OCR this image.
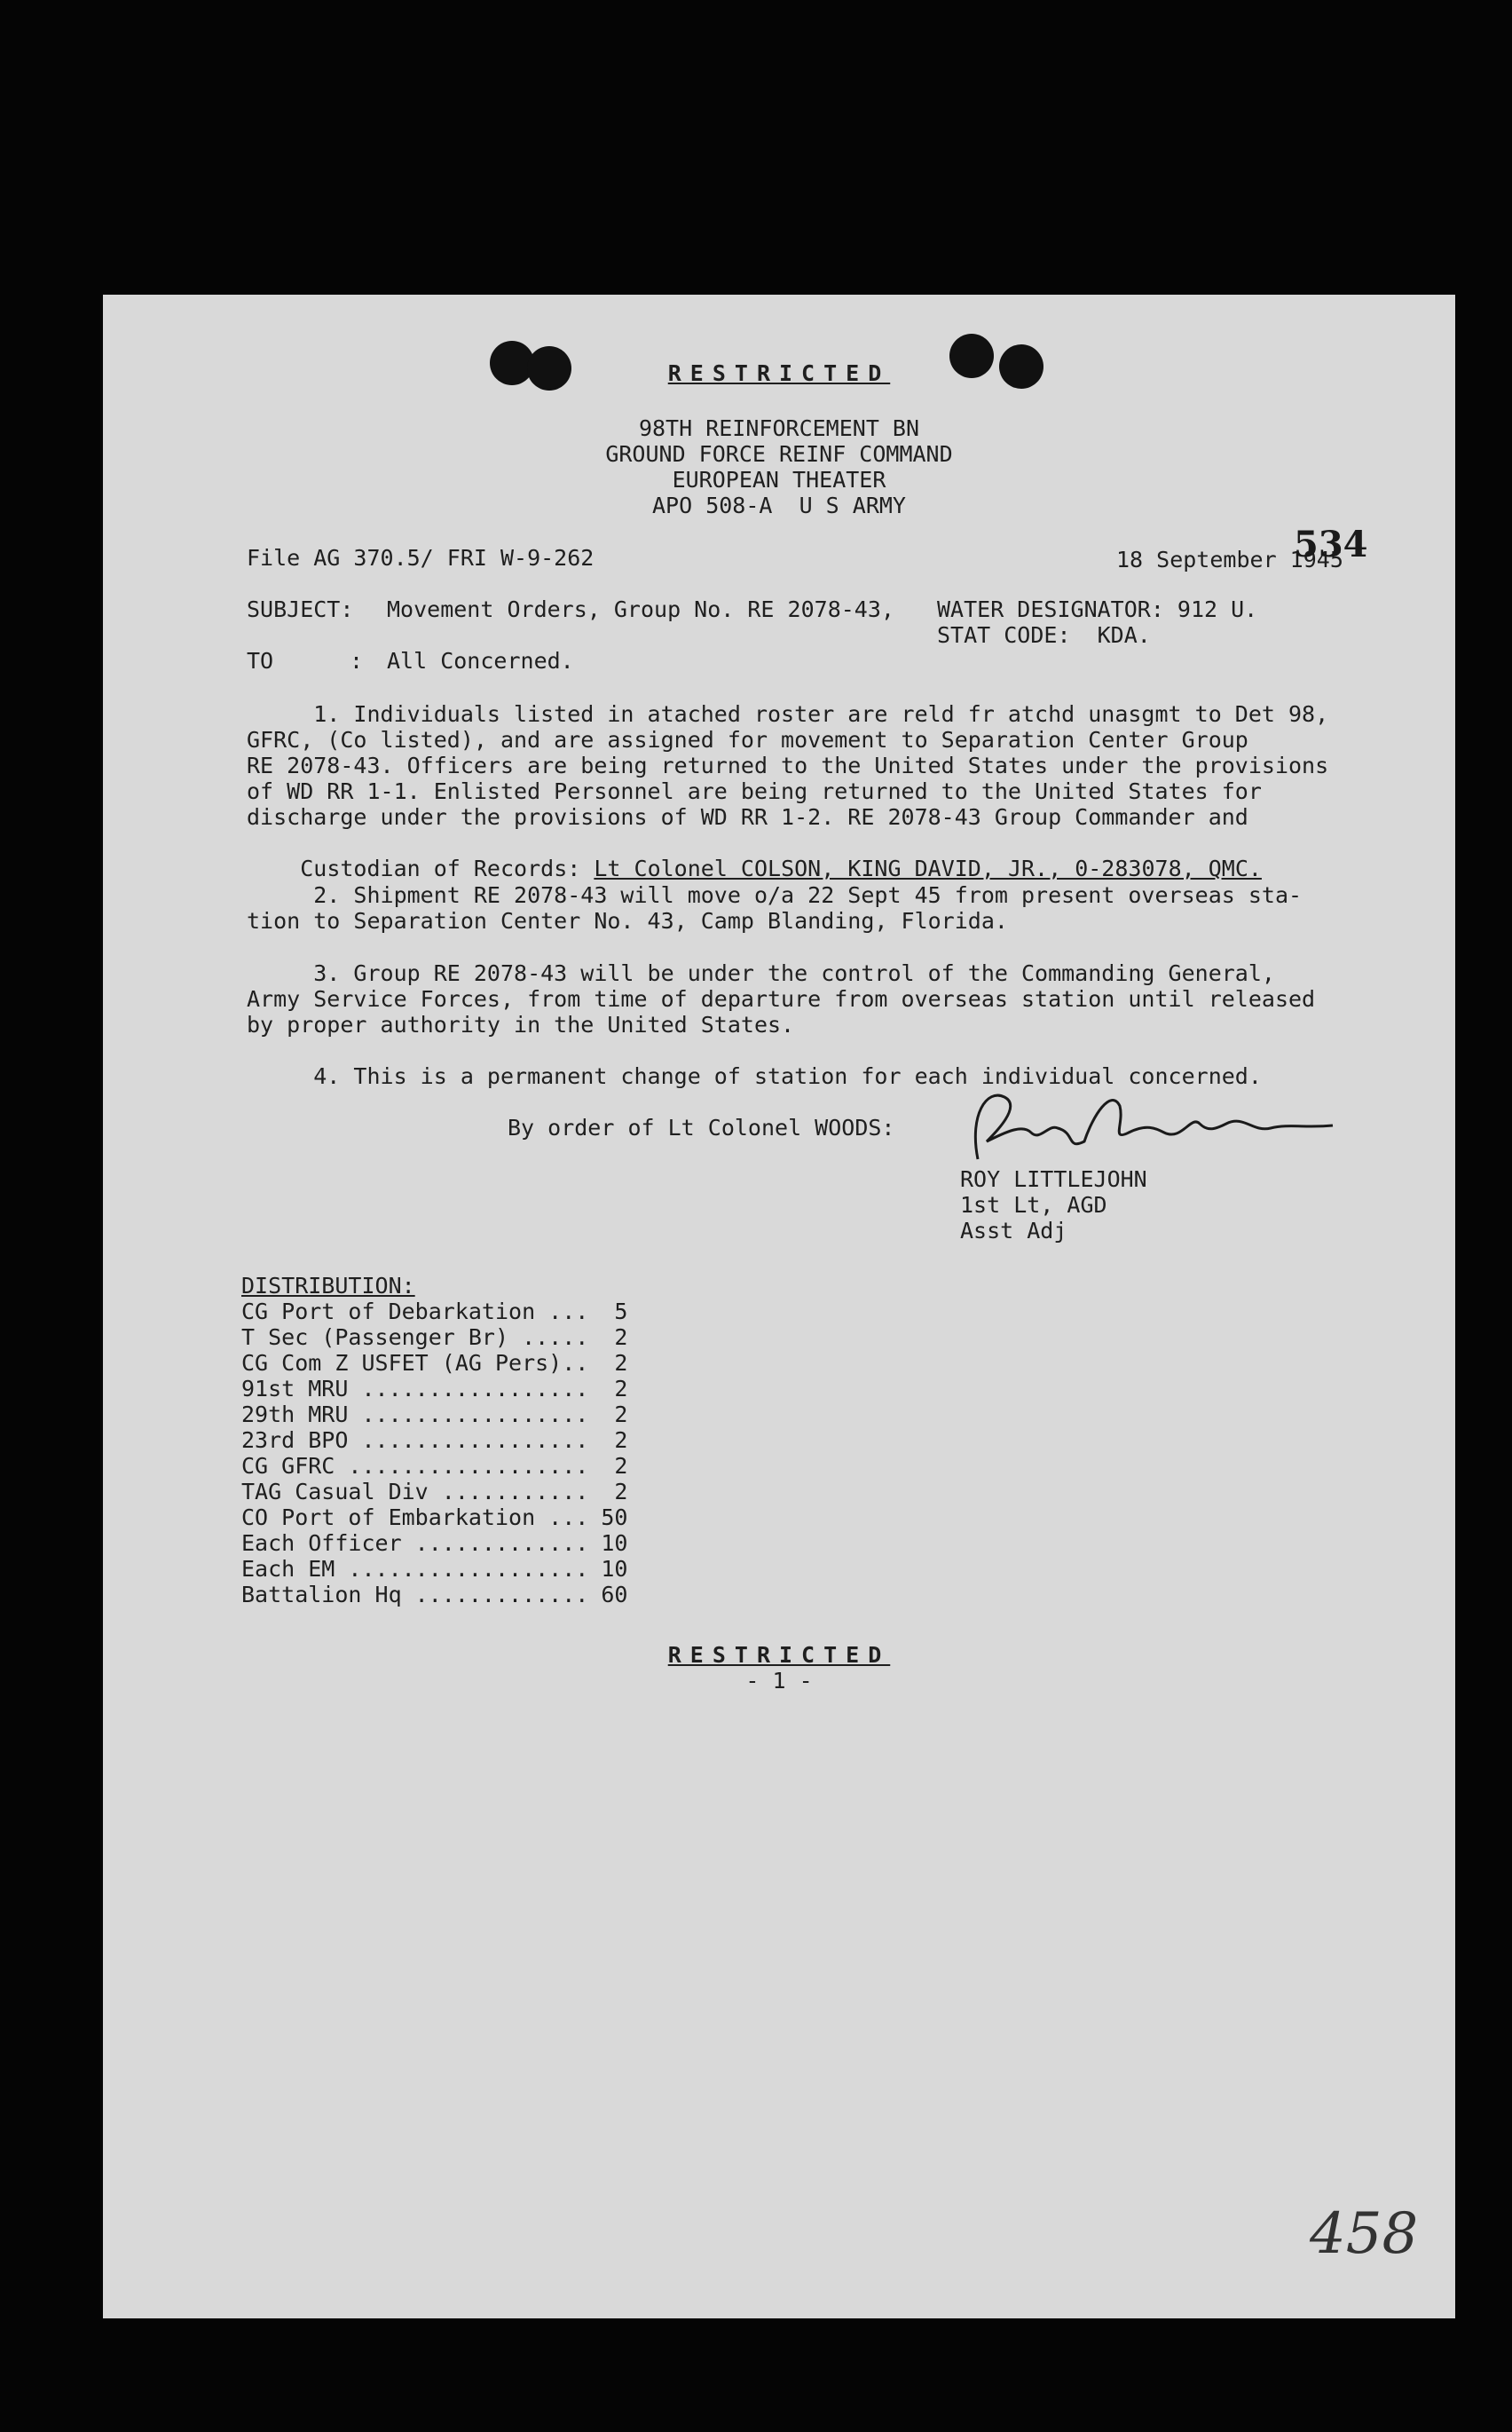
RESTRICTED
98TH REINFORCEMENT BN
GROUND FORCE REINF COMMAND
EUROPEAN THEATER
APO 508-A  U S ARMY
File AG 370.5/ FRI W-9-262	18 September 1945
534
SUBJECT: Movement Orders, Group No. RE 2078-43, WATER DESIGNATOR: 912 U.
STAT CODE:  KDA.
TO	: All Concerned.
1. Individuals listed in atached roster are reld fr atchd unasgmt to Det 98,
GFRC, (Co listed), and are assigned for movement to Separation Center Group
RE 2078-43. Officers are being returned to the United States under the provisions
of WD RR 1-1. Enlisted Personnel are being returned to the United States for
discharge under the provisions of WD RR 1-2. RE 2078-43 Group Commander and

Custodian of Records: Lt Colonel COLSON, KING DAVID, JR., 0-283078, QMC.

2. Shipment RE 2078-43 will move o/a 22 Sept 45 from present overseas sta-
tion to Separation Center No. 43, Camp Blanding, Florida.
3. Group RE 2078-43 will be under the control of the Commanding General,
Army Service Forces, from time of departure from overseas station until released
by proper authority in the United States.
4. This is a permanent change of station for each individual concerned.
By order of Lt Colonel WOODS:
ROY LITTLEJOHN
1st Lt, AGD
Asst Adj
DISTRIBUTION:
CG Port of Debarkation ...	5
T Sec (Passenger Br) .....	2
CG Com Z USFET (AG Pers)..	2
91st MRU .................	2
29th MRU .................	2
23rd BPO .................	2
CG GFRC ..................	2
TAG Casual Div ...........	2
CO Port of Embarkation ...	50
Each Officer .............	10
Each EM ..................	10
Battalion Hq .............	60
RESTRICTED
- 1 -
458
